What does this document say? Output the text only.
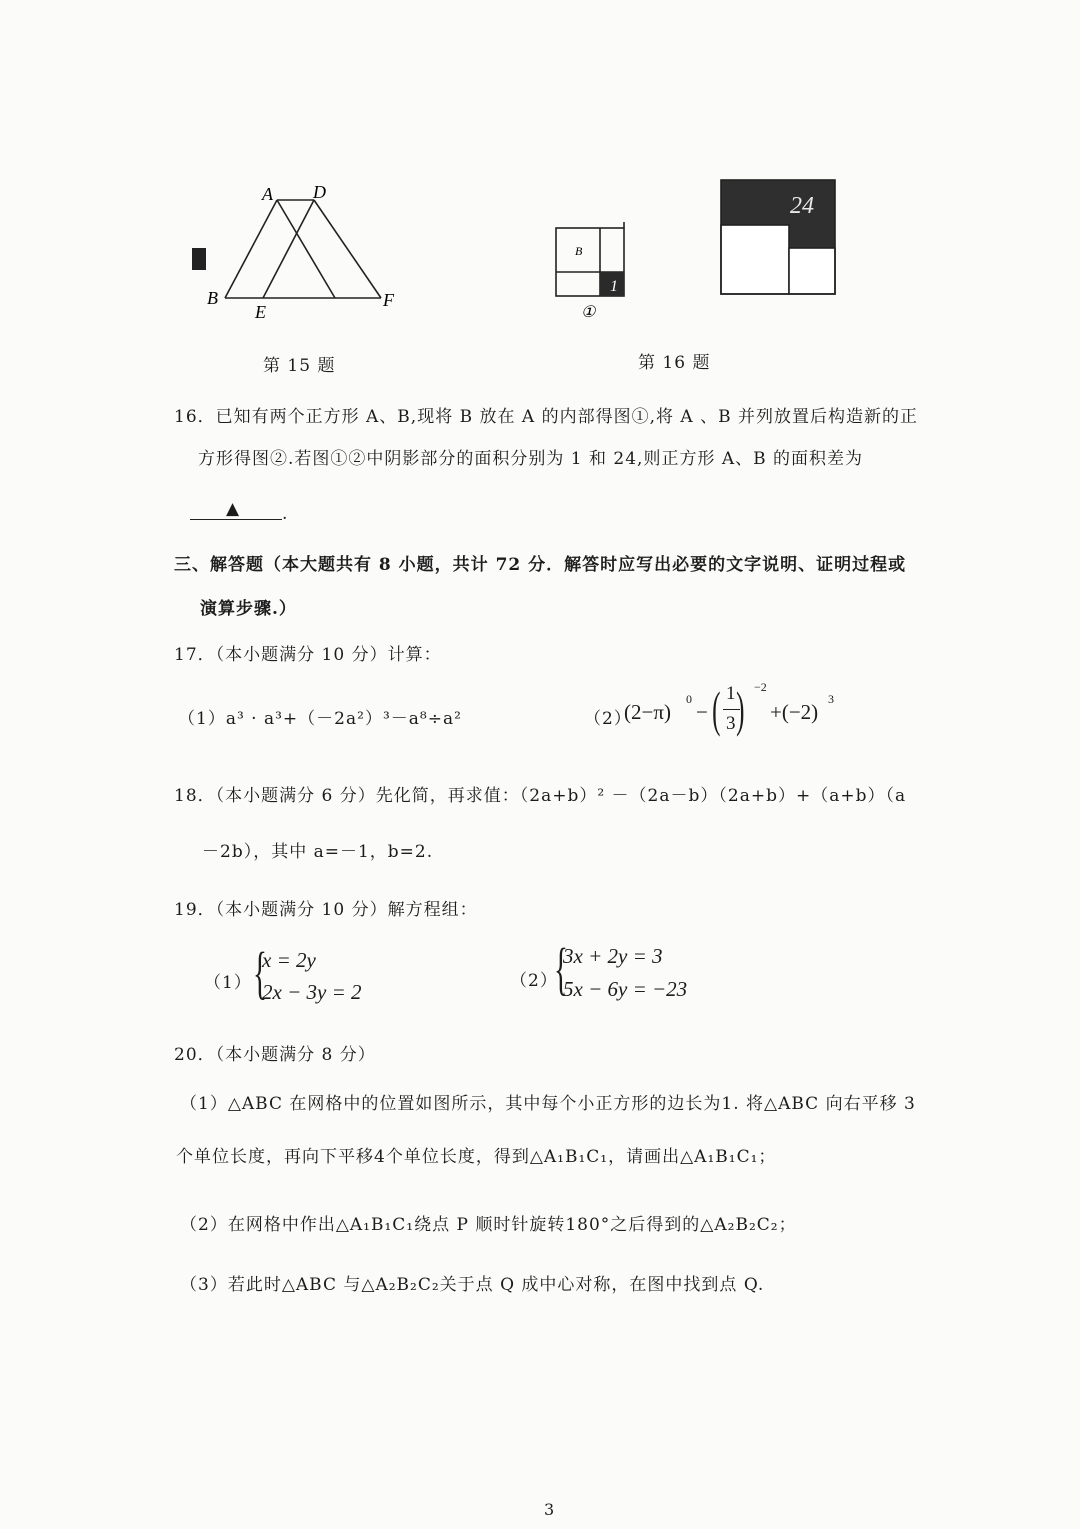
A D
B
E
F
第 15 题
B
1
①
24
第 16 题
16．已知有两个正方形 A、B,现将 B 放在 A 的内部得图①,将 A 、B 并列放置后构造新的正
方形得图②.若图①②中阴影部分的面积分别为 1 和 24,则正方形 A、B 的面积差为
▲	.
三、解答题（本大题共有 8 小题，共计 72 分．解答时应写出必要的文字说明、证明过程或
演算步骤.）
17．（本小题满分 10 分）计算：
（1）a³ · a³+（－2a²）³－a⁸÷a²	（2）
(2−π)
0
− ( 1
3 ) −2
+(−2)
3
18．（本小题满分 6 分）先化简，再求值：（2a+b）² －（2a－b）（2a+b）+（a+b）（a
－2b），其中 a=－1，b=2.
19．（本小题满分 10 分）解方程组：
（1） {
x = 2y
2x − 3y = 2	（2）
{
3x + 2y = 3
5x − 6y = −23
20．（本小题满分 8 分）
（1）△ABC 在网格中的位置如图所示，其中每个小正方形的边长为1. 将△ABC 向右平移 3
个单位长度，再向下平移4个单位长度，得到△A₁B₁C₁，请画出△A₁B₁C₁；
（2）在网格中作出△A₁B₁C₁绕点 P 顺时针旋转180°之后得到的△A₂B₂C₂；
（3）若此时△ABC 与△A₂B₂C₂关于点 Q 成中心对称，在图中找到点 Q.
3
